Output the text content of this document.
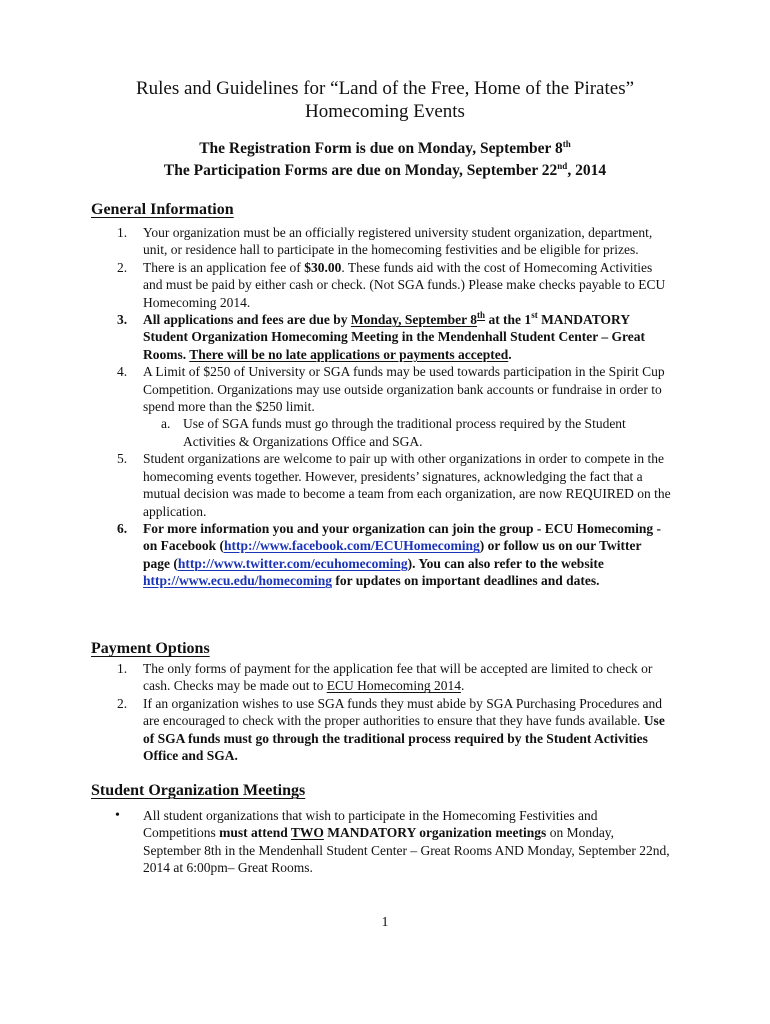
Rules and Guidelines for “Land of the Free, Home of the Pirates”
Homecoming Events
The Registration Form is due on Monday, September 8th
The Participation Forms are due on Monday, September 22nd, 2014
General Information
1. Your organization must be an officially registered university student organization, department, unit, or residence hall to participate in the homecoming festivities and be eligible for prizes.
2. There is an application fee of $30.00. These funds aid with the cost of Homecoming Activities and must be paid by either cash or check. (Not SGA funds.) Please make checks payable to ECU Homecoming 2014.
3. All applications and fees are due by Monday, September 8th at the 1st MANDATORY Student Organization Homecoming Meeting in the Mendenhall Student Center – Great Rooms. There will be no late applications or payments accepted.
4. A Limit of $250 of University or SGA funds may be used towards participation in the Spirit Cup Competition. Organizations may use outside organization bank accounts or fundraise in order to spend more than the $250 limit.
a. Use of SGA funds must go through the traditional process required by the Student Activities & Organizations Office and SGA.
5. Student organizations are welcome to pair up with other organizations in order to compete in the homecoming events together. However, presidents’ signatures, acknowledging the fact that a mutual decision was made to become a team from each organization, are now REQUIRED on the application.
6. For more information you and your organization can join the group - ECU Homecoming - on Facebook (http://www.facebook.com/ECUHomecoming) or follow us on our Twitter page (http://www.twitter.com/ecuhomecoming). You can also refer to the website http://www.ecu.edu/homecoming for updates on important deadlines and dates.
Payment Options
1. The only forms of payment for the application fee that will be accepted are limited to check or cash. Checks may be made out to ECU Homecoming 2014.
2. If an organization wishes to use SGA funds they must abide by SGA Purchasing Procedures and are encouraged to check with the proper authorities to ensure that they have funds available. Use of SGA funds must go through the traditional process required by the Student Activities Office and SGA.
Student Organization Meetings
• All student organizations that wish to participate in the Homecoming Festivities and Competitions must attend TWO MANDATORY organization meetings on Monday, September 8th in the Mendenhall Student Center – Great Rooms AND Monday, September 22nd, 2014 at 6:00pm– Great Rooms.
1
